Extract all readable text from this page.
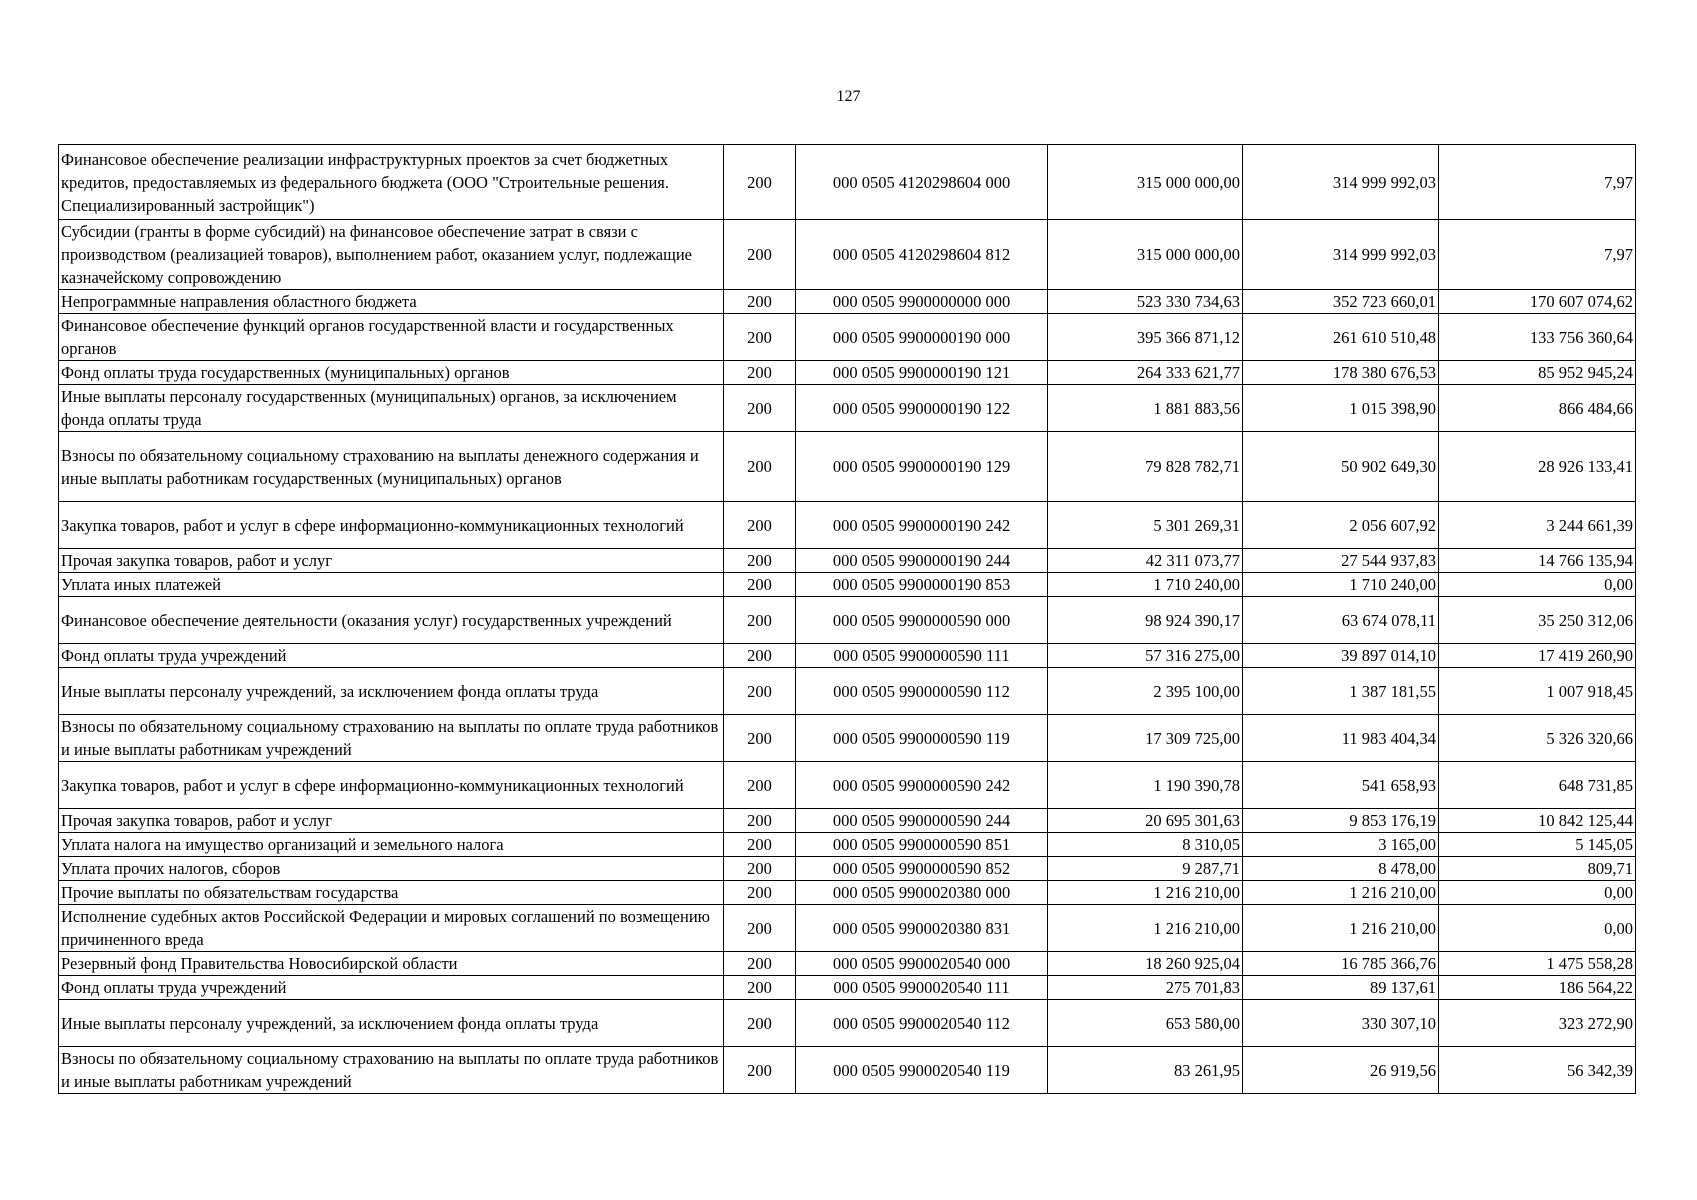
127
Финансовое обеспечение реализации инфраструктурных проектов за счет бюджетных кредитов, предоставляемых из федерального бюджета (ООО "Строительные решения. Специализированный застройщик")	200	000 0505 4120298604 000	315 000 000,00	314 999 992,03	7,97
Субсидии (гранты в форме субсидий) на финансовое обеспечение затрат в связи с производством (реализацией товаров), выполнением работ, оказанием услуг, подлежащие казначейскому сопровождению	200	000 0505 4120298604 812	315 000 000,00	314 999 992,03	7,97
Непрограммные направления областного бюджета	200	000 0505 9900000000 000	523 330 734,63	352 723 660,01	170 607 074,62
Финансовое обеспечение функций органов государственной власти и государственных органов	200	000 0505 9900000190 000	395 366 871,12	261 610 510,48	133 756 360,64
Фонд оплаты труда государственных (муниципальных) органов	200	000 0505 9900000190 121	264 333 621,77	178 380 676,53	85 952 945,24
Иные выплаты персоналу государственных (муниципальных) органов, за исключением фонда оплаты труда	200	000 0505 9900000190 122	1 881 883,56	1 015 398,90	866 484,66
Взносы по обязательному социальному страхованию на выплаты денежного содержания и иные выплаты работникам государственных (муниципальных) органов	200	000 0505 9900000190 129	79 828 782,71	50 902 649,30	28 926 133,41
Закупка товаров, работ и услуг в сфере информационно-коммуникационных технологий	200	000 0505 9900000190 242	5 301 269,31	2 056 607,92	3 244 661,39
Прочая закупка товаров, работ и услуг	200	000 0505 9900000190 244	42 311 073,77	27 544 937,83	14 766 135,94
Уплата иных платежей	200	000 0505 9900000190 853	1 710 240,00	1 710 240,00	0,00
Финансовое обеспечение деятельности (оказания услуг) государственных учреждений	200	000 0505 9900000590 000	98 924 390,17	63 674 078,11	35 250 312,06
Фонд оплаты труда учреждений	200	000 0505 9900000590 111	57 316 275,00	39 897 014,10	17 419 260,90
Иные выплаты персоналу учреждений, за исключением фонда оплаты труда	200	000 0505 9900000590 112	2 395 100,00	1 387 181,55	1 007 918,45
Взносы по обязательному социальному страхованию на выплаты по оплате труда работников и иные выплаты работникам учреждений	200	000 0505 9900000590 119	17 309 725,00	11 983 404,34	5 326 320,66
Закупка товаров, работ и услуг в сфере информационно-коммуникационных технологий	200	000 0505 9900000590 242	1 190 390,78	541 658,93	648 731,85
Прочая закупка товаров, работ и услуг	200	000 0505 9900000590 244	20 695 301,63	9 853 176,19	10 842 125,44
Уплата налога на имущество организаций и земельного налога	200	000 0505 9900000590 851	8 310,05	3 165,00	5 145,05
Уплата прочих налогов, сборов	200	000 0505 9900000590 852	9 287,71	8 478,00	809,71
Прочие выплаты по обязательствам государства	200	000 0505 9900020380 000	1 216 210,00	1 216 210,00	0,00
Исполнение судебных актов Российской Федерации и мировых соглашений по возмещению причиненного вреда	200	000 0505 9900020380 831	1 216 210,00	1 216 210,00	0,00
Резервный фонд Правительства Новосибирской области	200	000 0505 9900020540 000	18 260 925,04	16 785 366,76	1 475 558,28
Фонд оплаты труда учреждений	200	000 0505 9900020540 111	275 701,83	89 137,61	186 564,22
Иные выплаты персоналу учреждений, за исключением фонда оплаты труда	200	000 0505 9900020540 112	653 580,00	330 307,10	323 272,90
Взносы по обязательному социальному страхованию на выплаты по оплате труда работников и иные выплаты работникам учреждений	200	000 0505 9900020540 119	83 261,95	26 919,56	56 342,39
